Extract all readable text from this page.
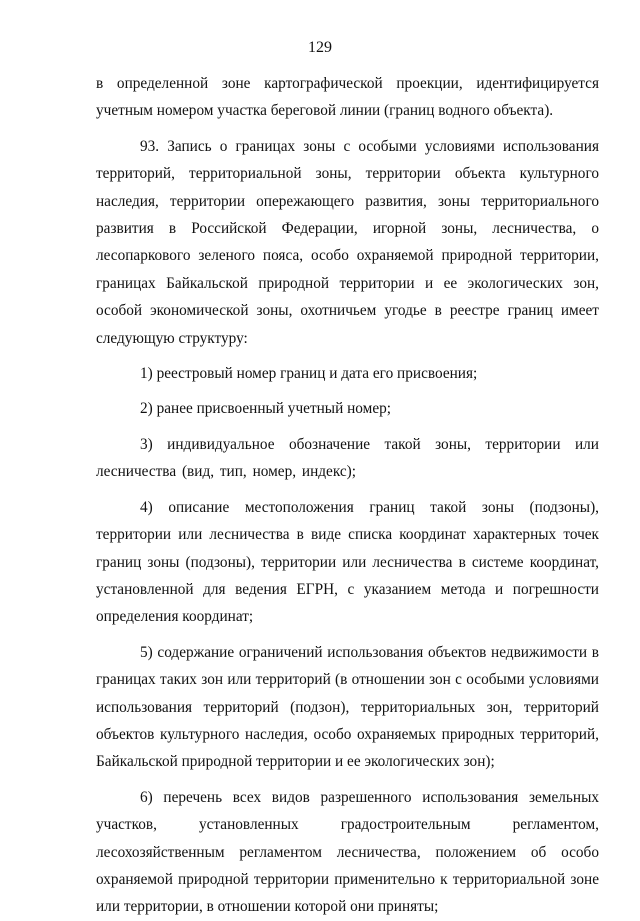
129

в определенной зоне картографической проекции, идентифицируется учетным номером участка береговой линии (границ водного объекта).

93. Запись о границах зоны с особыми условиями использования территорий, территориальной зоны, территории объекта культурного наследия, территории опережающего развития, зоны территориального развития в Российской Федерации, игорной зоны, лесничества, о лесопаркового зеленого пояса, особо охраняемой природной территории, границах Байкальской природной территории и ее экологических зон, особой экономической зоны, охотничьем угодье в реестре границ имеет следующую структуру:

1) реестровый номер границ и дата его присвоения;

2) ранее присвоенный учетный номер;

3) индивидуальное обозначение такой зоны, территории или лесничества (вид, тип, номер, индекс);

4) описание местоположения границ такой зоны (подзоны), территории или лесничества в виде списка координат характерных точек границ зоны (подзоны), территории или лесничества в системе координат, установленной для ведения ЕГРН, с указанием метода и погрешности определения координат;

5) содержание ограничений использования объектов недвижимости в границах таких зон или территорий (в отношении зон с особыми условиями использования территорий (подзон), территориальных зон, территорий объектов культурного наследия, особо охраняемых природных территорий, Байкальской природной территории и ее экологических зон);

6) перечень всех видов разрешенного использования земельных участков, установленных градостроительным регламентом, лесохозяйственным регламентом лесничества, положением об особо охраняемой природной территории применительно к территориальной зоне или территории, в отношении которой они приняты;
